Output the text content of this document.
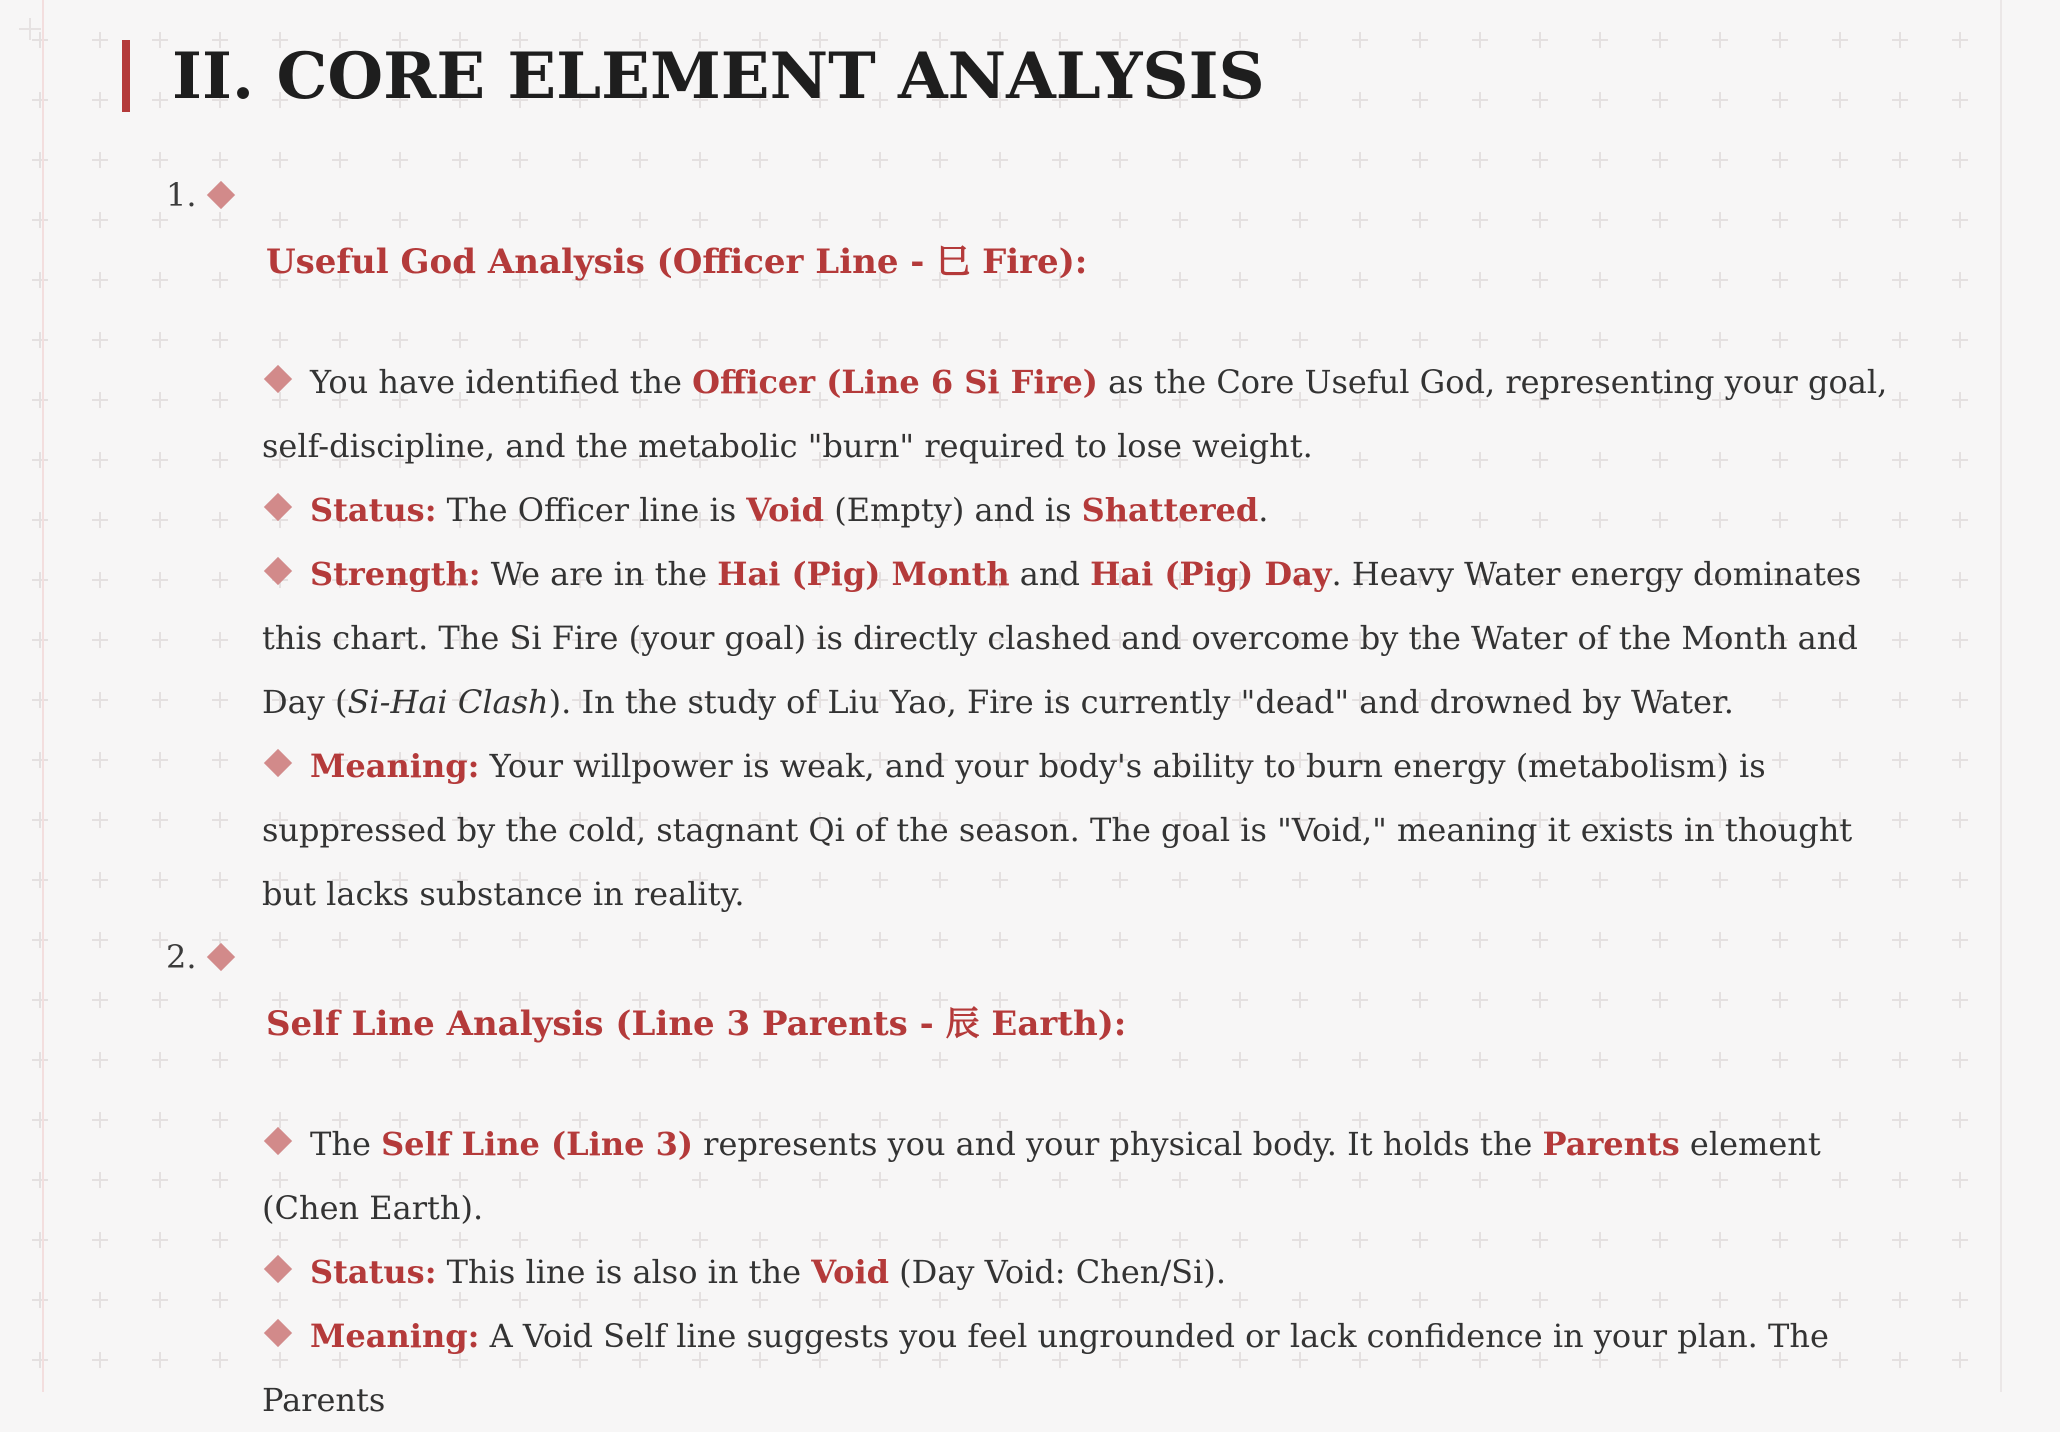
II. CORE ELEMENT ANALYSIS
1.
Useful God Analysis (Officer Line - 巳 Fire):
You have identified the Officer (Line 6 Si Fire) as the Core Useful God, representing your goal, self-discipline, and the metabolic "burn" required to lose weight.
Status: The Officer line is Void (Empty) and is Shattered.
Strength: We are in the Hai (Pig) Month and Hai (Pig) Day. Heavy Water energy dominates this chart. The Si Fire (your goal) is directly clashed and overcome by the Water of the Month and Day (Si-Hai Clash). In the study of Liu Yao, Fire is currently "dead" and drowned by Water.
Meaning: Your willpower is weak, and your body's ability to burn energy (metabolism) is suppressed by the cold, stagnant Qi of the season. The goal is "Void," meaning it exists in thought but lacks substance in reality.
2.
Self Line Analysis (Line 3 Parents - 辰 Earth):
The Self Line (Line 3) represents you and your physical body. It holds the Parents element (Chen Earth).
Status: This line is also in the Void (Day Void: Chen/Si).
Meaning: A Void Self line suggests you feel ungrounded or lack confidence in your plan. The Parents
